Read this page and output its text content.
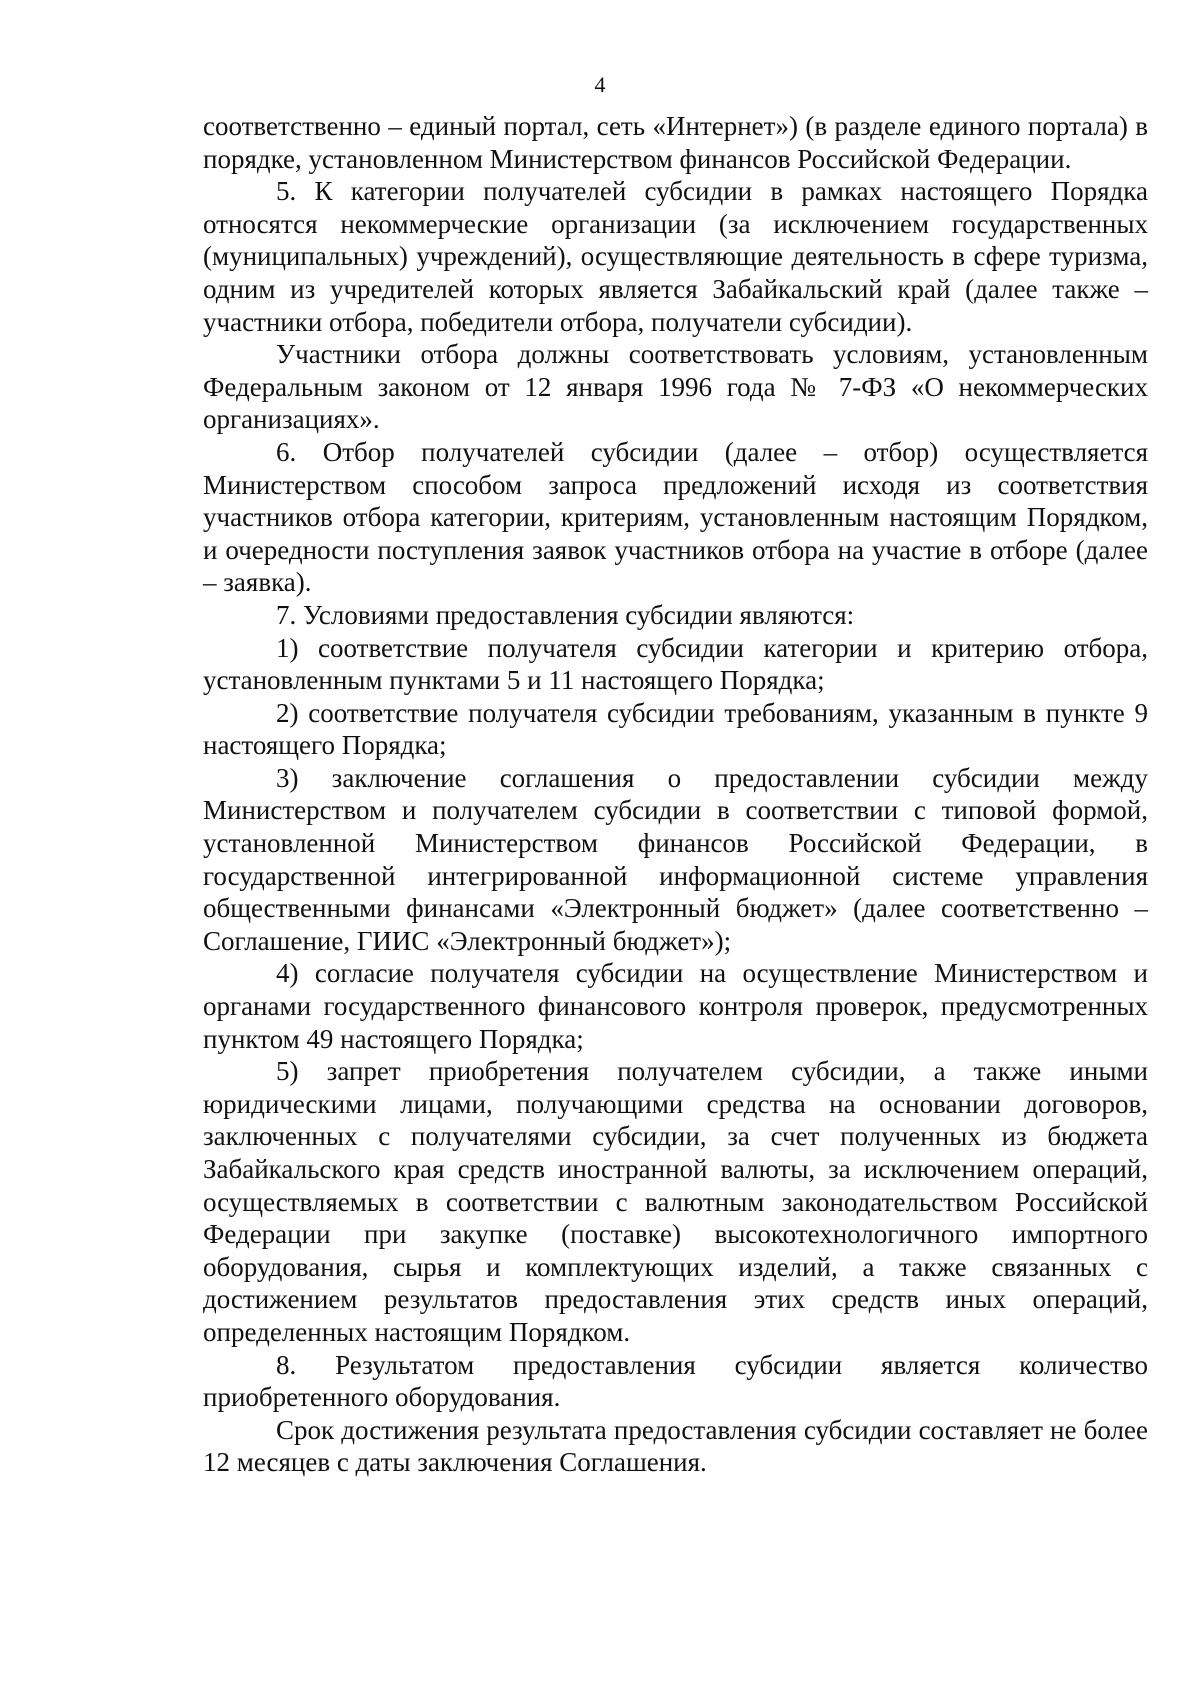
4

соответственно – единый портал, сеть «Интернет») (в разделе единого портала) в порядке, установленном Министерством финансов Российской Федерации.

5. К категории получателей субсидии в рамках настоящего Порядка относятся некоммерческие организации (за исключением государственных (муниципальных) учреждений), осуществляющие деятельность в сфере туризма, одним из учредителей которых является Забайкальский край (далее также – участники отбора, победители отбора, получатели субсидии).

Участники отбора должны соответствовать условиям, установленным Федеральным законом от 12 января 1996 года № 7-ФЗ «О некоммерческих организациях».

6. Отбор получателей субсидии (далее – отбор) осуществляется Министерством способом запроса предложений исходя из соответствия участников отбора категории, критериям, установленным настоящим Порядком, и очередности поступления заявок участников отбора на участие в отборе (далее – заявка).

7. Условиями предоставления субсидии являются:

1) соответствие получателя субсидии категории и критерию отбора, установленным пунктами 5 и 11 настоящего Порядка;

2) соответствие получателя субсидии требованиям, указанным в пункте 9 настоящего Порядка;

3) заключение соглашения о предоставлении субсидии между Министерством и получателем субсидии в соответствии с типовой формой, установленной Министерством финансов Российской Федерации, в государственной интегрированной информационной системе управления общественными финансами «Электронный бюджет» (далее соответственно – Соглашение, ГИИС «Электронный бюджет»);

4) согласие получателя субсидии на осуществление Министерством и органами государственного финансового контроля проверок, предусмотренных пунктом 49 настоящего Порядка;

5) запрет приобретения получателем субсидии, а также иными юридическими лицами, получающими средства на основании договоров, заключенных с получателями субсидии, за счет полученных из бюджета Забайкальского края средств иностранной валюты, за исключением операций, осуществляемых в соответствии с валютным законодательством Российской Федерации при закупке (поставке) высокотехнологичного импортного оборудования, сырья и комплектующих изделий, а также связанных с достижением результатов предоставления этих средств иных операций, определенных настоящим Порядком.

8. Результатом предоставления субсидии является количество приобретенного оборудования.

Срок достижения результата предоставления субсидии составляет не более 12 месяцев с даты заключения Соглашения.
